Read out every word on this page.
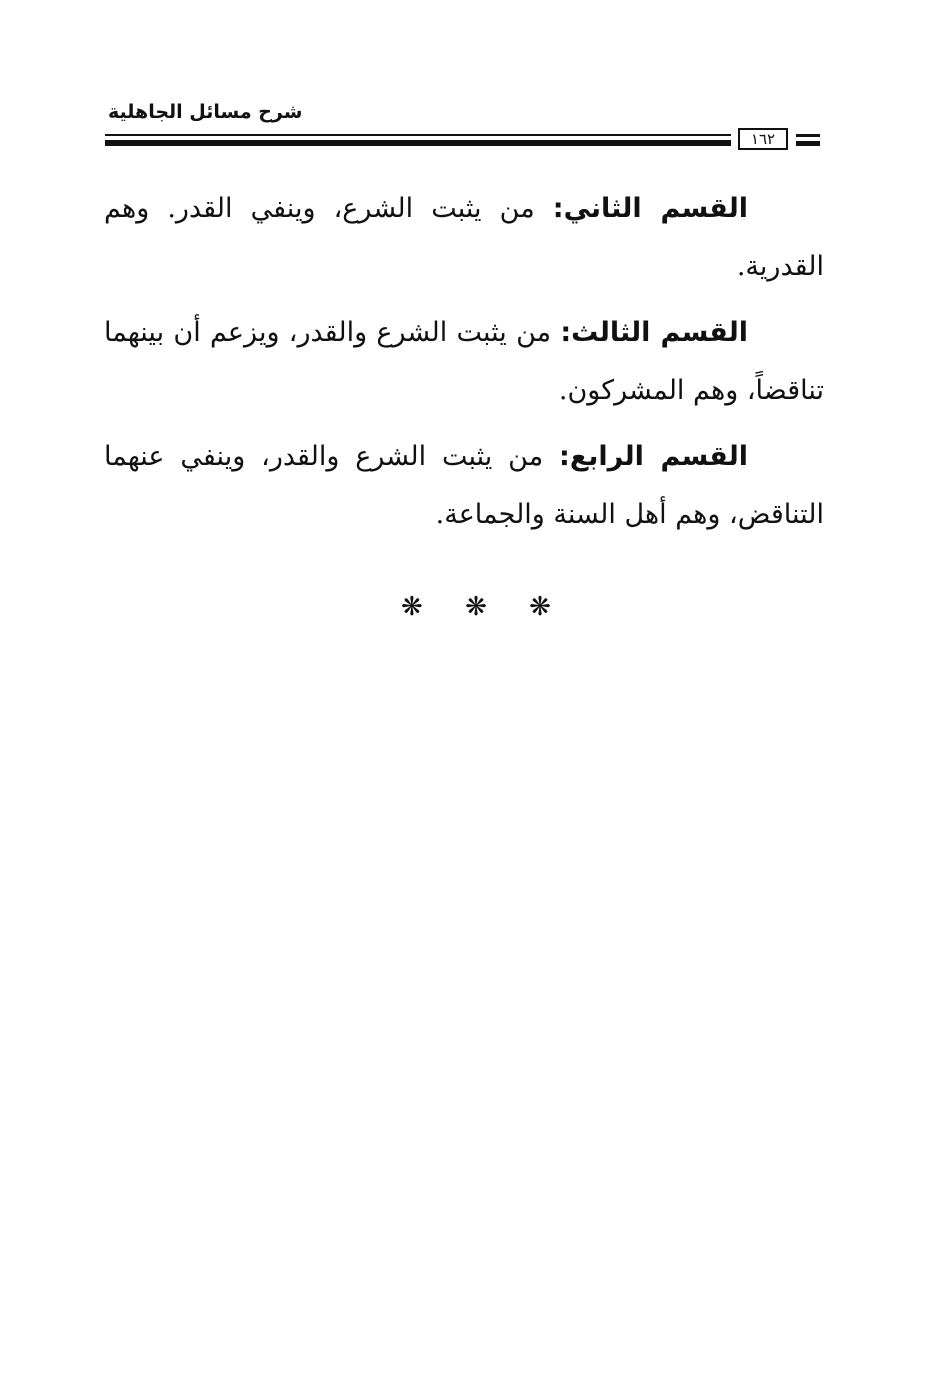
شرح مسائل الجاهلية
١٦٢

القسم الثاني: من يثبت الشرع، وينفي القدر. وهم القدرية.

القسم الثالث: من يثبت الشرع والقدر، ويزعم أن بينهما تناقضاً، وهم المشركون.

القسم الرابع: من يثبت الشرع والقدر، وينفي عنهما التناقض، وهم أهل السنة والجماعة.

❋ ❋ ❋
